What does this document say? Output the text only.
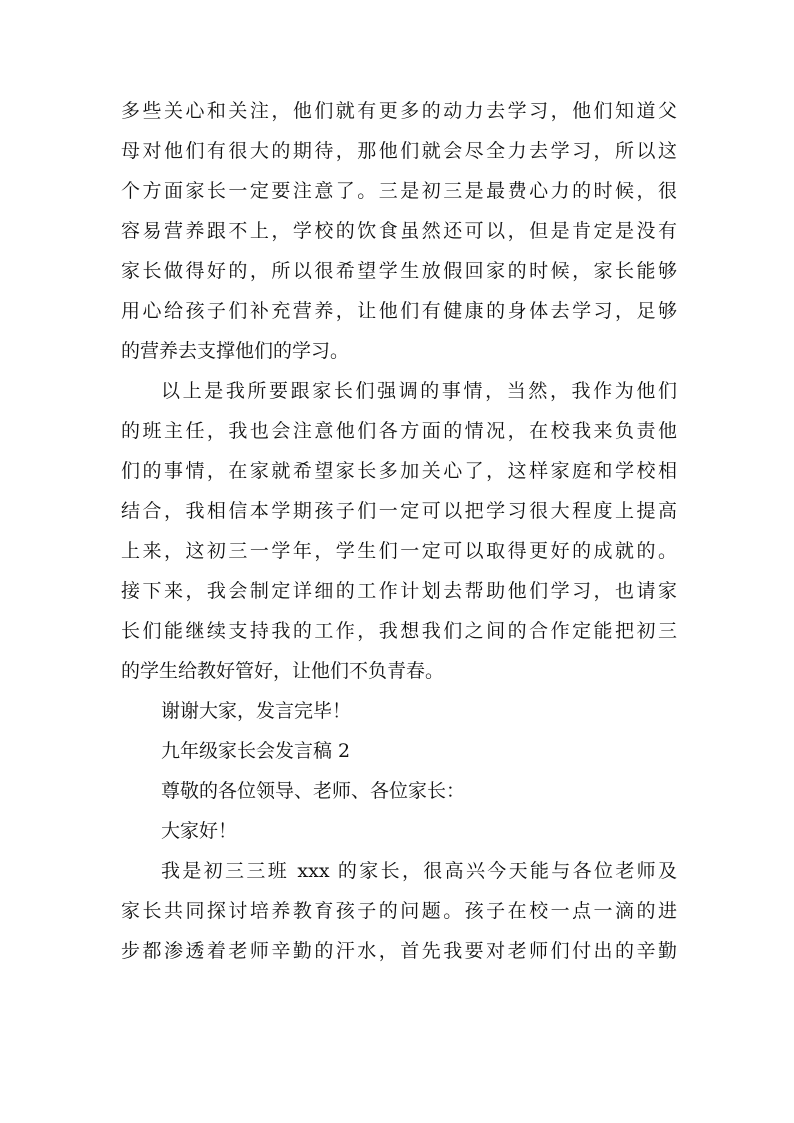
多些关心和关注，他们就有更多的动力去学习，他们知道父
母对他们有很大的期待，那他们就会尽全力去学习，所以这
个方面家长一定要注意了。三是初三是最费心力的时候，很
容易营养跟不上，学校的饮食虽然还可以，但是肯定是没有
家长做得好的，所以很希望学生放假回家的时候，家长能够
用心给孩子们补充营养，让他们有健康的身体去学习，足够
的营养去支撑他们的学习。
以上是我所要跟家长们强调的事情，当然，我作为他们
的班主任，我也会注意他们各方面的情况，在校我来负责他
们的事情，在家就希望家长多加关心了，这样家庭和学校相
结合，我相信本学期孩子们一定可以把学习很大程度上提高
上来，这初三一学年，学生们一定可以取得更好的成就的。
接下来，我会制定详细的工作计划去帮助他们学习，也请家
长们能继续支持我的工作，我想我们之间的合作定能把初三
的学生给教好管好，让他们不负青春。
谢谢大家，发言完毕！
九年级家长会发言稿 2
尊敬的各位领导、老师、各位家长：
大家好！
我是初三三班 xxx 的家长，很高兴今天能与各位老师及
家长共同探讨培养教育孩子的问题。孩子在校一点一滴的进
步都渗透着老师辛勤的汗水，首先我要对老师们付出的辛勤
